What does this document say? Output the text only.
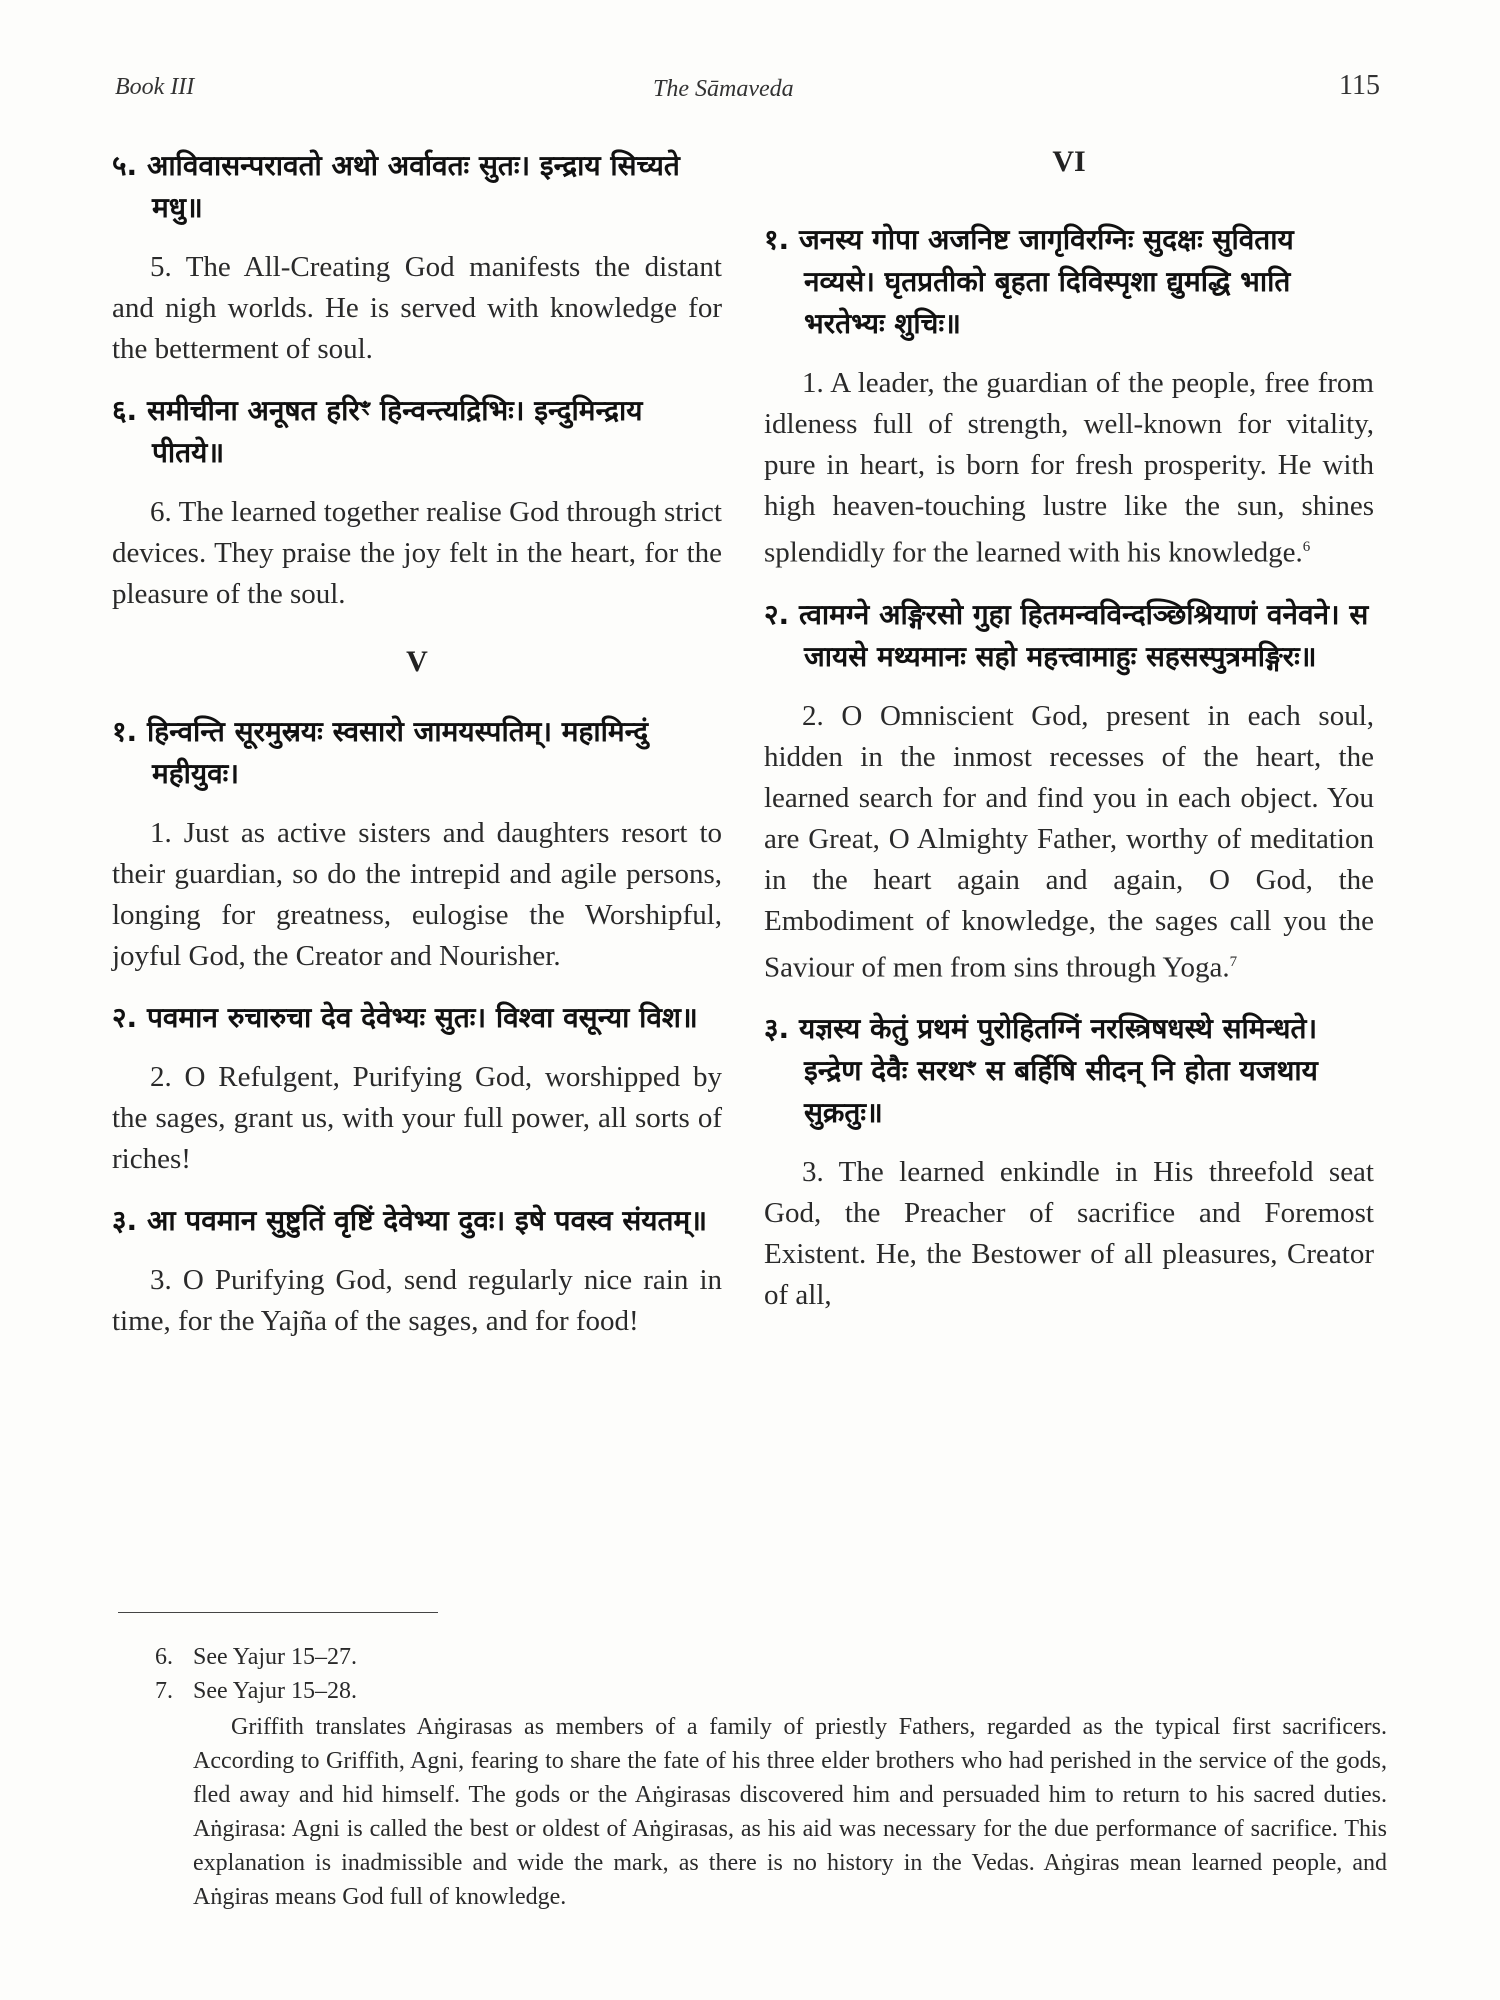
Book III	The Sāmaveda	115

५. आविवासन्परावतो अथो अर्वावतः सुतः। इन्द्राय सिच्यते मधु॥

5. The All-Creating God manifests the distant and nigh worlds. He is served with knowledge for the betterment of soul.

६. समीचीना अनूषत हरिꣳ हिन्वन्त्यद्रिभिः। इन्दुमिन्द्राय पीतये॥

6. The learned together realise God through strict devices. They praise the joy felt in the heart, for the pleasure of the soul.

V

१. हिन्वन्ति सूरमुस्रयः स्वसारो जामयस्पतिम्। महामिन्दुं महीयुवः।

1. Just as active sisters and daughters resort to their guardian, so do the intrepid and agile persons, longing for greatness, eulogise the Worshipful, joyful God, the Creator and Nourisher.

२. पवमान रुचारुचा देव देवेभ्यः सुतः। विश्वा वसून्या विश॥

2. O Refulgent, Purifying God, worshipped by the sages, grant us, with your full power, all sorts of riches!

३. आ पवमान सुष्टुतिं वृष्टिं देवेभ्या दुवः। इषे पवस्व संयतम्॥

3. O Purifying God, send regularly nice rain in time, for the Yajña of the sages, and for food!

VI

१. जनस्य गोपा अजनिष्ट जागृविरग्निः सुदक्षः सुविताय नव्यसे। घृतप्रतीको बृहता दिविस्पृशा द्युमद्धि भाति भरतेभ्यः शुचिः॥

1. A leader, the guardian of the people, free from idleness full of strength, well-known for vitality, pure in heart, is born for fresh prosperity. He with high heaven-touching lustre like the sun, shines splendidly for the learned with his knowledge.$^6$

२. त्वामग्ने अङ्गिरसो गुहा हितमन्वविन्दञ्छिश्रियाणं वनेवने। स जायसे मथ्यमानः सहो महत्त्वामाहुः सहसस्पुत्रमङ्गिरः॥

2. O Omniscient God, present in each soul, hidden in the inmost recesses of the heart, the learned search for and find you in each object. You are Great, O Almighty Father, worthy of meditation in the heart again and again, O God, the Embodiment of knowledge, the sages call you the Saviour of men from sins through Yoga.$^7$

३. यज्ञस्य केतुं प्रथमं पुरोहितग्निं नरस्त्रिषधस्थे समिन्धते। इन्द्रेण देवैः सरथꣳ स बर्हिषि सीदन् नि होता यजथाय सुक्रतुः॥

3. The learned enkindle in His threefold seat God, the Preacher of sacrifice and Foremost Existent. He, the Bestower of all pleasures, Creator of all,

6. See Yajur 15–27.

7. See Yajur 15–28.

Griffith translates Aṅgirasas as members of a family of priestly Fathers, regarded as the typical first sacrificers. According to Griffith, Agni, fearing to share the fate of his three elder brothers who had perished in the service of the gods, fled away and hid himself. The gods or the Aṅgirasas discovered him and persuaded him to return to his sacred duties. Aṅgirasa: Agni is called the best or oldest of Aṅgirasas, as his aid was necessary for the due performance of sacrifice. This explanation is inadmissible and wide the mark, as there is no history in the Vedas. Aṅgiras mean learned people, and Aṅgiras means God full of knowledge.
